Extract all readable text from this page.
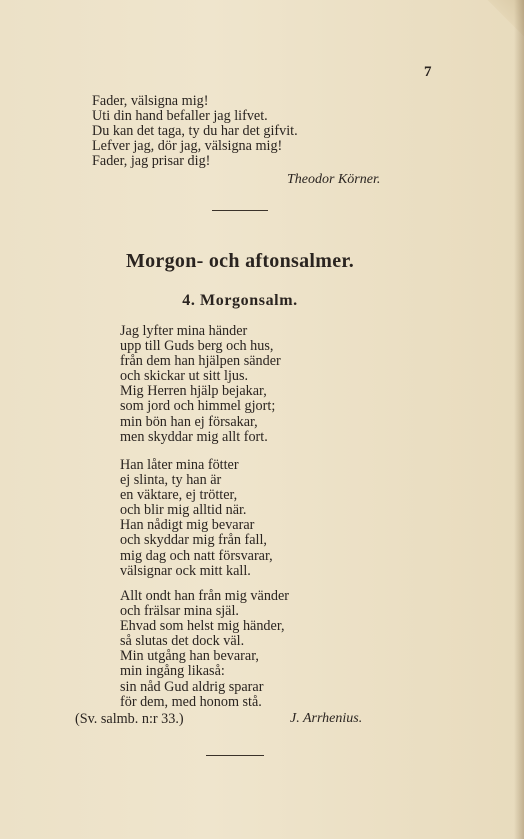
7
Fader, välsigna mig!
Uti din hand befaller jag lifvet.
Du kan det taga, ty du har det gifvit.
Lefver jag, dör jag, välsigna mig!
Fader, jag prisar dig!
Theodor Körner.
Morgon- och aftonsalmer.
4. Morgonsalm.
Jag lyfter mina händer
upp till Guds berg och hus,
från dem han hjälpen sänder
och skickar ut sitt ljus.
Mig Herren hjälp bejakar,
som jord och himmel gjort;
min bön han ej försakar,
men skyddar mig allt fort.
Han låter mina fötter
ej slinta, ty han är
en väktare, ej trötter,
och blir mig alltid när.
Han nådigt mig bevarar
och skyddar mig från fall,
mig dag och natt försvarar,
välsignar ock mitt kall.
Allt ondt han från mig vänder
och frälsar mina själ.
Ehvad som helst mig händer,
så slutas det dock väl.
Min utgång han bevarar,
min ingång likaså:
sin nåd Gud aldrig sparar
för dem, med honom stå.
(Sv. salmb. n:r 33.)	J. Arrhenius.
